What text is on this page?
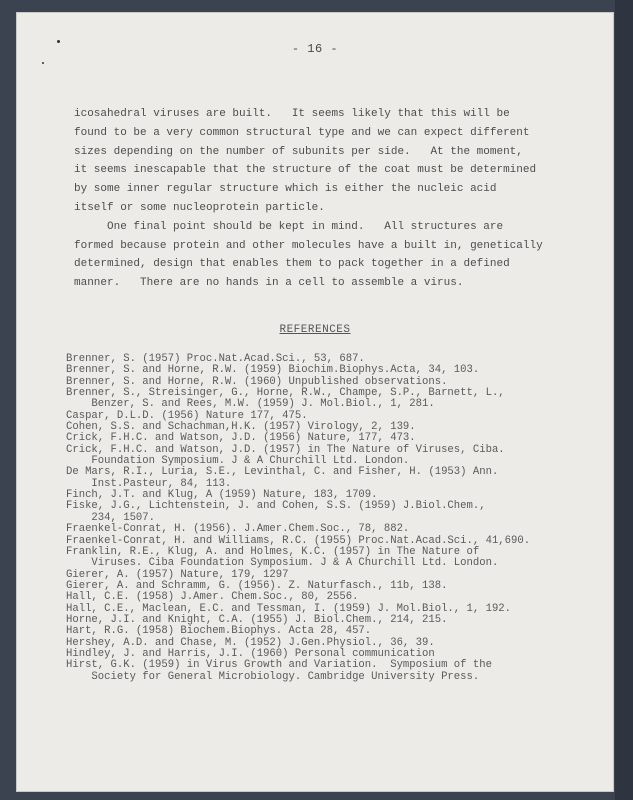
- 16 -
icosahedral viruses are built.   It seems likely that this will be
found to be a very common structural type and we can expect different
sizes depending on the number of subunits per side.   At the moment,
it seems inescapable that the structure of the coat must be determined
by some inner regular structure which is either the nucleic acid
itself or some nucleoprotein particle.
One final point should be kept in mind.   All structures are
formed because protein and other molecules have a built in, genetically
determined, design that enables them to pack together in a defined
manner.   There are no hands in a cell to assemble a virus.
REFERENCES
Brenner, S. (1957) Proc.Nat.Acad.Sci., 53, 687.
Brenner, S. and Horne, R.W. (1959) Biochim.Biophys.Acta, 34, 103.
Brenner, S. and Horne, R.W. (1960) Unpublished observations.
Brenner, S., Streisinger, G., Horne, R.W., Champe, S.P., Barnett, L.,
Benzer, S. and Rees, M.W. (1959) J. Mol.Biol., 1, 281.
Caspar, D.L.D. (1956) Nature 177, 475.
Cohen, S.S. and Schachman,H.K. (1957) Virology, 2, 139.
Crick, F.H.C. and Watson, J.D. (1956) Nature, 177, 473.
Crick, F.H.C. and Watson, J.D. (1957) in The Nature of Viruses, Ciba.
Foundation Symposium. J & A Churchill Ltd. London.
De Mars, R.I., Luria, S.E., Levinthal, C. and Fisher, H. (1953) Ann.
Inst.Pasteur, 84, 113.
Finch, J.T. and Klug, A (1959) Nature, 183, 1709.
Fiske, J.G., Lichtenstein, J. and Cohen, S.S. (1959) J.Biol.Chem.,
234, 1507.
Fraenkel-Conrat, H. (1956). J.Amer.Chem.Soc., 78, 882.
Fraenkel-Conrat, H. and Williams, R.C. (1955) Proc.Nat.Acad.Sci., 41,690.
Franklin, R.E., Klug, A. and Holmes, K.C. (1957) in The Nature of
Viruses. Ciba Foundation Symposium. J & A Churchill Ltd. London.
Gierer, A. (1957) Nature, 179, 1297
Gierer, A. and Schramm, G. (1956). Z. Naturfasch., 11b, 138.
Hall, C.E. (1958) J.Amer. Chem.Soc., 80, 2556.
Hall, C.E., Maclean, E.C. and Tessman, I. (1959) J. Mol.Biol., 1, 192.
Horne, J.I. and Knight, C.A. (1955) J. Biol.Chem., 214, 215.
Hart, R.G. (1958) Biochem.Biophys. Acta 28, 457.
Hershey, A.D. and Chase, M. (1952) J.Gen.Physiol., 36, 39.
Hindley, J. and Harris, J.I. (1960) Personal communication
Hirst, G.K. (1959) in Virus Growth and Variation.  Symposium of the
Society for General Microbiology. Cambridge University Press.
